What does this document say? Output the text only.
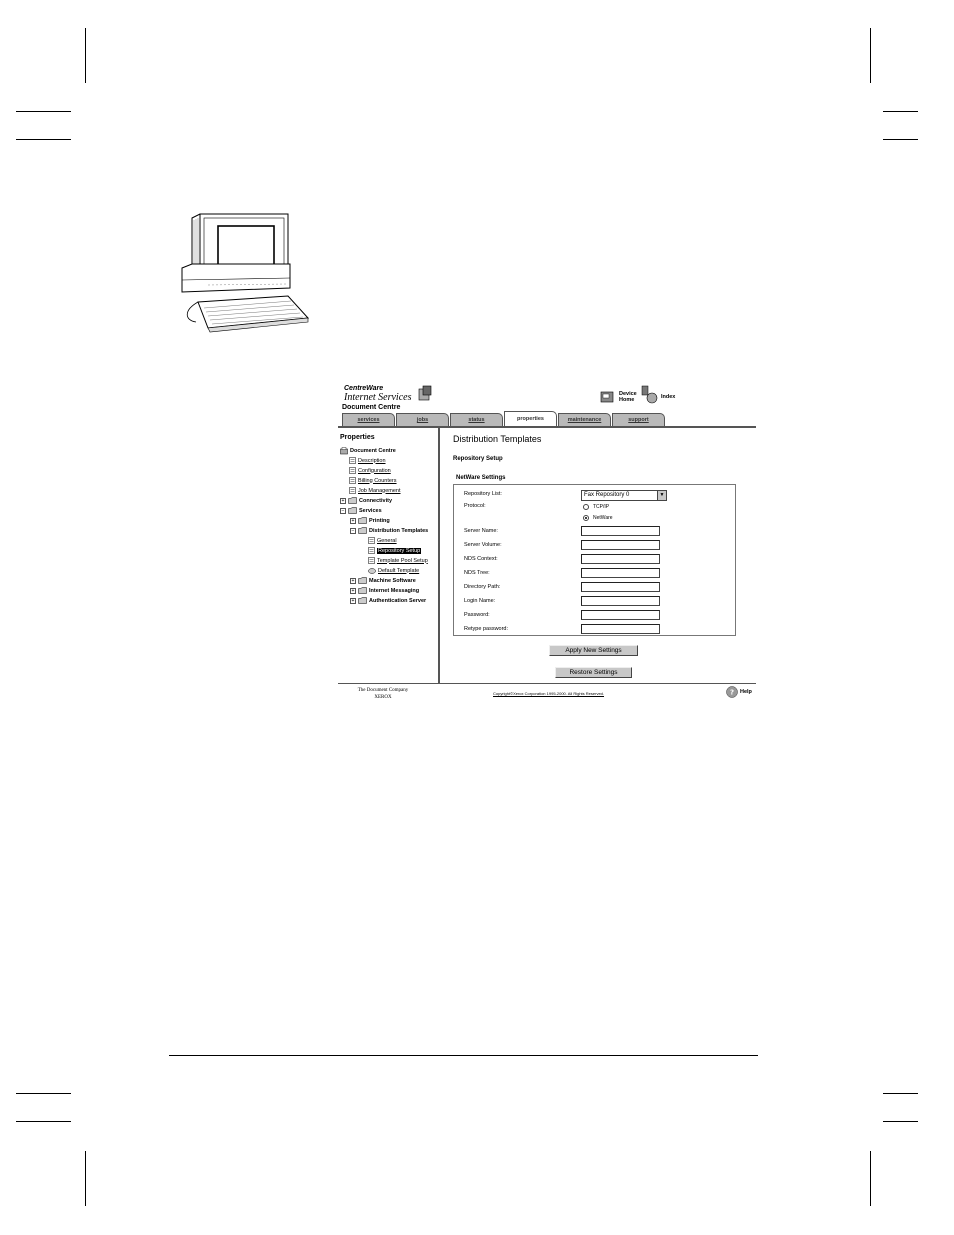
CentreWare
Internet Services
Document Centre
Device
Home	Index
services	jobs	status	properties	maintenance	support
Properties
Document Centre
Description
Configuration
Billing Counters
Job Management
+	Connectivity
−	Services
+	Printing
−	Distribution Templates
General
Repository Setup
Template Pool Setup
Default Template
+	Machine Software
+	Internet Messaging
+	Authentication Server
Distribution Templates
Repository Setup
NetWare Settings
Repository List:	Fax Repository 0	▼
Protocol:	TCP/IP
NetWare
Server Name:
Server Volume:
NDS Context:
NDS Tree:
Directory Path:
Login Name:
Password:
Retype password:
Apply New Settings
Restore Settings
The Document Company
XEROX
Copyright©Xerox Corporation 1995-2000. All Rights Reserved.	? Help
